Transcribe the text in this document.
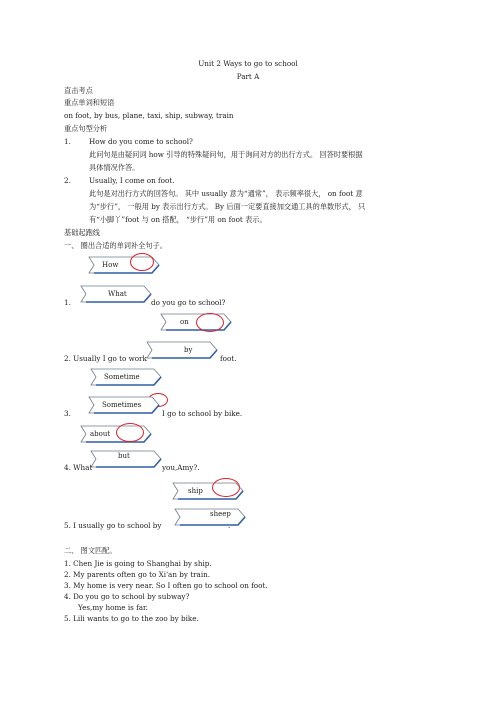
Unit 2 Ways to go to school
Part A
直击考点
重点单词和短语
on foot, by bus, plane, taxi, ship, subway, train
重点句型分析
1.	How do you come to school?
此问句是由疑问词 how 引导的特殊疑问句，用于询问对方的出行方式。 回答时要根据
具体情况作答。
2.	Usually, I come on foot.
此句是对出行方式的回答句。 其中 usually 意为“通常”， 表示频率很大， on foot 意
为“步行”， 一般用 by 表示出行方式。 By 后面一定要直接加交通工具的单数形式， 只
有“小脚丫”foot 与 on 搭配， “步行”用 on foot 表示。
基础起跑线
一、 圈出合适的单词补全句子。
How
What
1.	do you go to school?
on
by
2. Usually I go to work	foot.
Sometime
Sometimes
3.	I go to school by bike.
about
but
4. What	you,Amy?.
ship
sheep
5. I usually go to school by	.
二、 图文匹配。
1. Chen Jie is going to Shanghai by ship.
2. My parents often go to Xi'an by train.
3. My home is very near. So I often go to school on foot.
4. Do you go to school by subway?
Yes,my home is far.
5. Lili wants to go to the zoo by bike.
